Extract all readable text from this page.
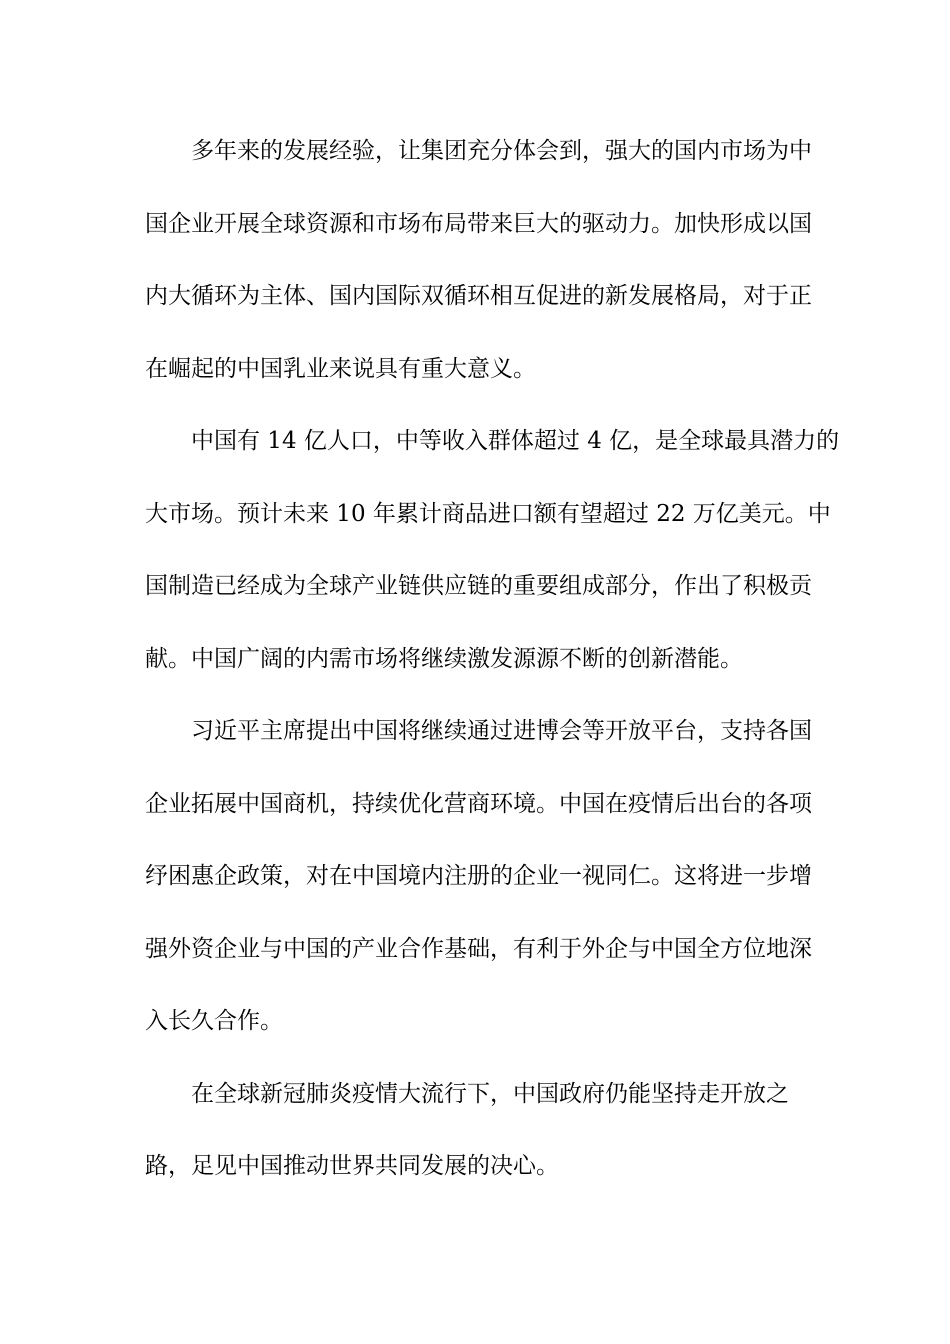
多年来的发展经验，让集团充分体会到，强大的国内市场为中
国企业开展全球资源和市场布局带来巨大的驱动力。加快形成以国
内大循环为主体、国内国际双循环相互促进的新发展格局，对于正
在崛起的中国乳业来说具有重大意义。

中国有 14 亿人口，中等收入群体超过 4 亿，是全球最具潜力的
大市场。预计未来 10 年累计商品进口额有望超过 22 万亿美元。中
国制造已经成为全球产业链供应链的重要组成部分，作出了积极贡
献。中国广阔的内需市场将继续激发源源不断的创新潜能。

习近平主席提出中国将继续通过进博会等开放平台，支持各国
企业拓展中国商机，持续优化营商环境。中国在疫情后出台的各项
纾困惠企政策，对在中国境内注册的企业一视同仁。这将进一步增
强外资企业与中国的产业合作基础，有利于外企与中国全方位地深
入长久合作。

在全球新冠肺炎疫情大流行下，中国政府仍能坚持走开放之
路，足见中国推动世界共同发展的决心。
